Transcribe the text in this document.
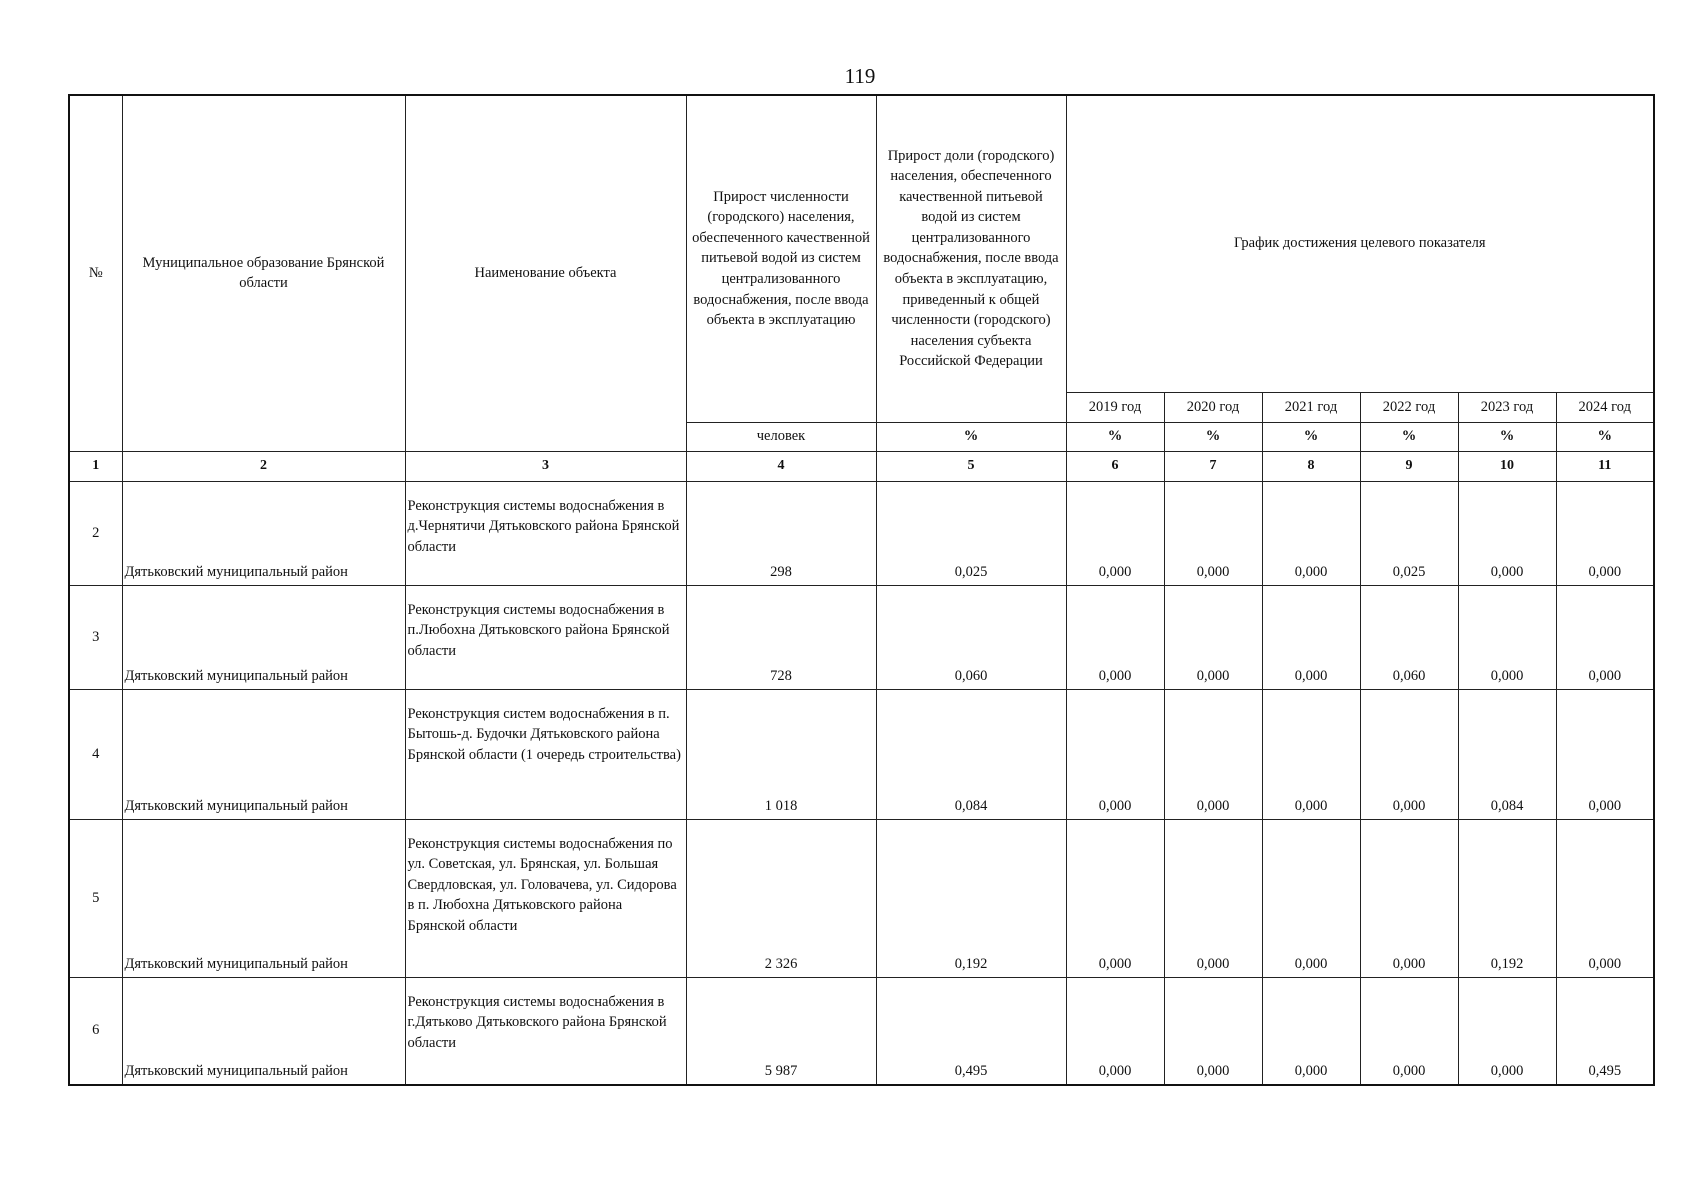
119
№	Муниципальное образование Брянской области	Наименование объекта	Прирост численности (городского) населения, обеспеченного качественной питьевой водой из систем централизованного водоснабжения, после ввода объекта в эксплуатацию	Прирост доли (городского) населения, обеспеченного качественной питьевой водой из систем централизованного водоснабжения, после ввода объекта в эксплуатацию, приведенный к общей численности (городского) населения субъекта Российской Федерации	График достижения целевого показателя					
					2019 год	2020 год	2021 год	2022 год	2023 год	2024 год
			человек	%	%	%	%	%	%	%
1	2	3	4	5	6	7	8	9	10	11
2	Дятьковский муниципальный район	Реконструкция системы водоснабжения в д.Чернятичи Дятьковского района Брянской области	298	0,025	0,000	0,000	0,000	0,025	0,000	0,000
3	Дятьковский муниципальный район	Реконструкция системы водоснабжения в п.Любохна Дятьковского района Брянской области	728	0,060	0,000	0,000	0,000	0,060	0,000	0,000
4	Дятьковский муниципальный район	Реконструкция систем водоснабжения в п. Бытошь-д. Будочки Дятьковского района Брянской области (1 очередь строительства)	1 018	0,084	0,000	0,000	0,000	0,000	0,084	0,000
5	Дятьковский муниципальный район	Реконструкция системы водоснабжения по ул. Советская, ул. Брянская, ул. Большая Свердловская, ул. Головачева, ул. Сидорова в п. Любохна Дятьковского района Брянской области	2 326	0,192	0,000	0,000	0,000	0,000	0,192	0,000
6	Дятьковский муниципальный район	Реконструкция системы водоснабжения в г.Дятьково Дятьковского района Брянской области	5 987	0,495	0,000	0,000	0,000	0,000	0,000	0,495
